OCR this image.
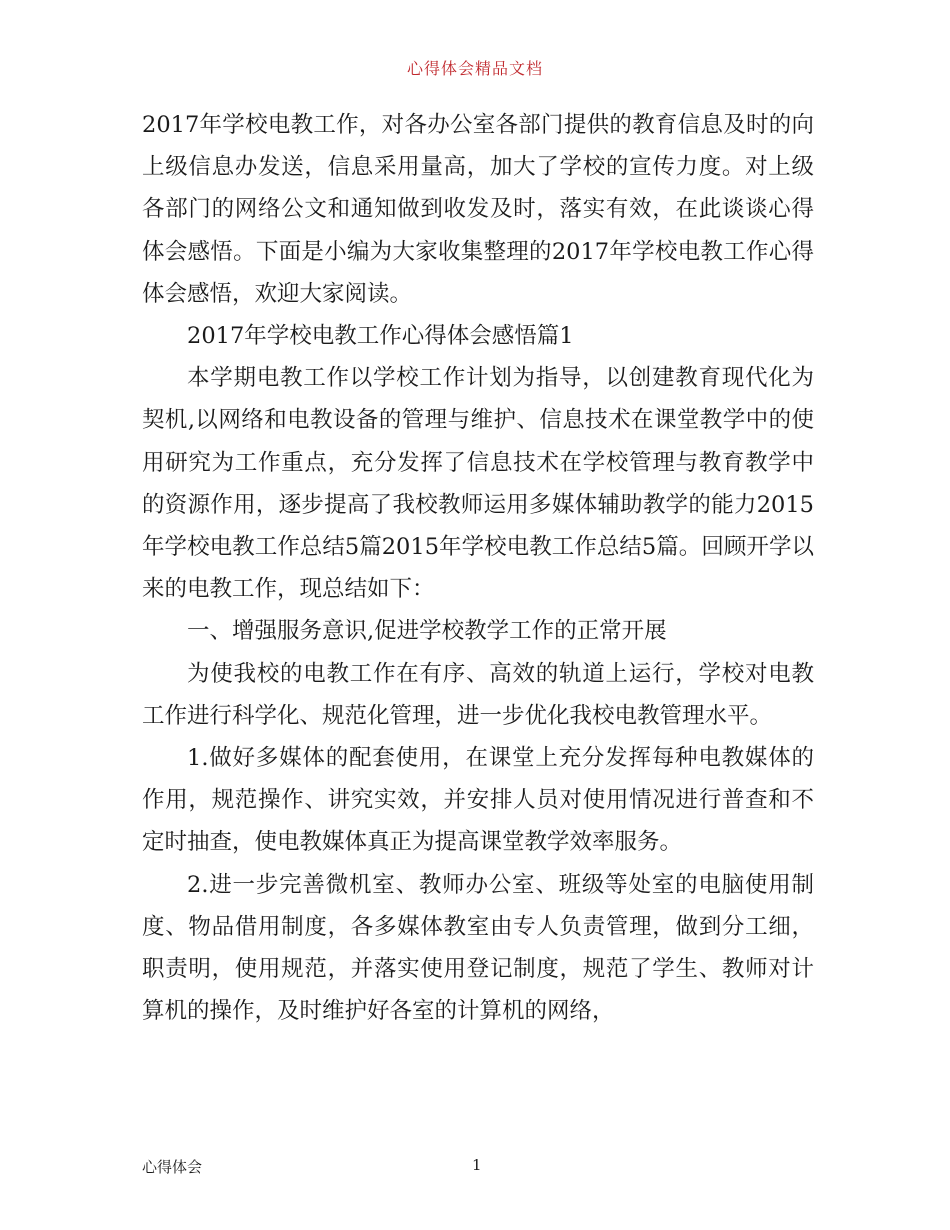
心得体会精品文档

2017年学校电教工作，对各办公室各部门提供的教育信息及时的向上级信息办发送，信息采用量高，加大了学校的宣传力度。对上级各部门的网络公文和通知做到收发及时，落实有效，在此谈谈心得体会感悟。下面是小编为大家收集整理的2017年学校电教工作心得体会感悟，欢迎大家阅读。

2017年学校电教工作心得体会感悟篇1

本学期电教工作以学校工作计划为指导，以创建教育现代化为契机,以网络和电教设备的管理与维护、信息技术在课堂教学中的使用研究为工作重点，充分发挥了信息技术在学校管理与教育教学中的资源作用，逐步提高了我校教师运用多媒体辅助教学的能力2015年学校电教工作总结5篇2015年学校电教工作总结5篇。回顾开学以来的电教工作，现总结如下：

一、增强服务意识,促进学校教学工作的正常开展

为使我校的电教工作在有序、高效的轨道上运行，学校对电教工作进行科学化、规范化管理，进一步优化我校电教管理水平。

1.做好多媒体的配套使用，在课堂上充分发挥每种电教媒体的作用，规范操作、讲究实效，并安排人员对使用情况进行普查和不定时抽查，使电教媒体真正为提高课堂教学效率服务。

2.进一步完善微机室、教师办公室、班级等处室的电脑使用制度、物品借用制度，各多媒体教室由专人负责管理，做到分工细，职责明，使用规范，并落实使用登记制度，规范了学生、教师对计算机的操作，及时维护好各室的计算机的网络，

心得体会	1
